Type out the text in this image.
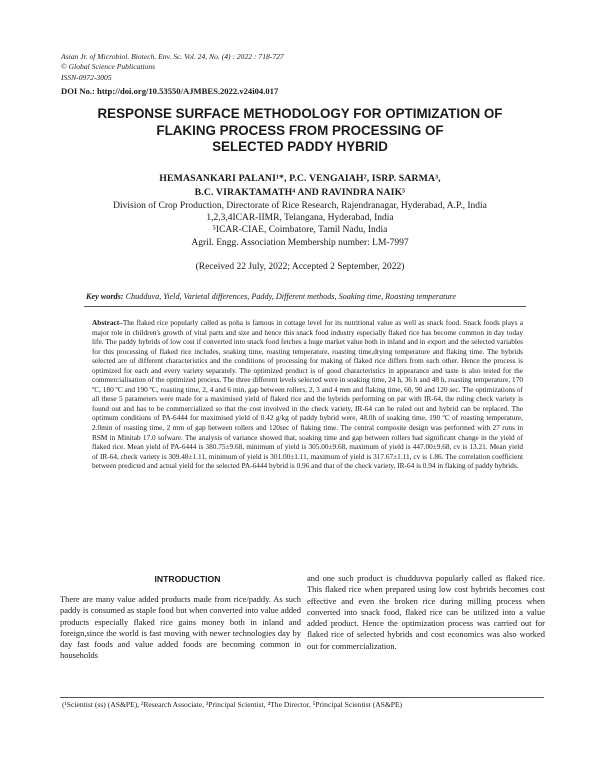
Asian Jr. of Microbiol. Biotech. Env. Sc. Vol. 24, No. (4) : 2022 : 718-727
© Global Science Publications
ISSN-0972-3005
DOI No.: http://doi.org/10.53550/AJMBES.2022.v24i04.017
RESPONSE SURFACE METHODOLOGY FOR OPTIMIZATION OF
FLAKING PROCESS FROM PROCESSING OF
SELECTED PADDY HYBRID
HEMASANKARI PALANI¹*, P.C. VENGAIAH², ISRP. SARMA³,
B.C. VIRAKTAMATH⁴ AND RAVINDRA NAIK⁵
Division of Crop Production, Directorate of Rice Research, Rajendranagar, Hyderabad, A.P., India
1,2,3,4ICAR-IIMR, Telangana, Hyderabad, India
⁵ICAR-CIAE, Coimbatore, Tamil Nadu, India
Agril. Engg. Association Membership number: LM-7997
(Received 22 July, 2022; Accepted 2 September, 2022)
Key words: Chudduva, Yield, Varietal differences, Paddy, Different methods, Soaking time, Roasting temperature
Abstract–The flaked rice popularly called as poha is famous in cottage level for its nutritional value as well as snack food. Snack foods plays a major role in children's growth of vital parts and size and hence this snack food industry especially flaked rice has become common in day today life. The paddy hybrids of low cost if converted into snack food fetches a huge market value both in inland and in export and the selected variables for this processing of flaked rice includes, soaking time, roasting temperature, roasting time,drying temperature and flaking time. The hybrids selected are of different characteristics and the conditions of processing for making of flaked rice differs from each other. Hence the process is optimized for each and every variety separately. The optimized product is of good characteristics in appearance and taste is also tested for the commercialisation of the optimized process. The three different levels selected were in soaking time, 24 h, 36 h and 48 h, roasting temperature, 170 ºC, 180 ºC and 190 ºC, roasting time, 2, 4 and 6 min, gap between rollers, 2, 3 and 4 mm and flaking time, 60, 90 and 120 sec. The optimizations of all these 5 parameters were made for a maximised yield of flaked rice and the hybrids performing on par with IR-64, the ruling check variety is found out and has to be commercialized so that the cost involved in the check variety, IR-64 can be ruled out and hybrid can be replaced. The optimum conditions of PA-6444 for maximised yield of 0.42 g/kg of paddy hybrid were, 48.0h of soaking time, 190 ºC of roasting temperature, 2.0min of roasting time, 2 mm of gap between rollers and 120sec of flaking time. The central composite design was performed with 27 runs in RSM in Minitab 17.0 sofware. The analysis of variance showed that, soaking time and gap between rollers had significant change in the yield of flaked rice. Mean yield of PA-6444 is 380.75±9.68, minimum of yield is 305.00±9.68, maximum of yield is 447.00±9.68, cv is 13.21. Mean yield of IR-64, check variety is 309.48±1.11, minimum of yield is 301.00±1.11, maximum of yield is 317.67±1.11, cv is 1.86. The correlation coefficient between predicted and actual yield for the selected PA-6444 hybrid is 0.96 and that of the check variety, IR-64 is 0.94 in flaking of paddy hybrids.
INTRODUCTION
There are many value added products made from rice/paddy. As such paddy is consumed as staple food but when converted into value added products especially flaked rice gains money both in inland and foreign,since the world is fast moving with newer technologies day by day fast foods and value added foods are becoming common in households
and one such product is chudduvva popularly called as flaked rice. This flaked rice when prepared using low cost hybrids becomes cost effective and even the broken rice during milling process when converted into snack food, flaked rice can be utilized into a value added product. Hence the optimization process was carried out for flaked rice of selected hybrids and cost economics was also worked out for commercialization.
(¹Scientist (ss) (AS&PE), ²Research Associate, ³Principal Scientist, ⁴The Director, ⁵Principal Scientist (AS&PE)
